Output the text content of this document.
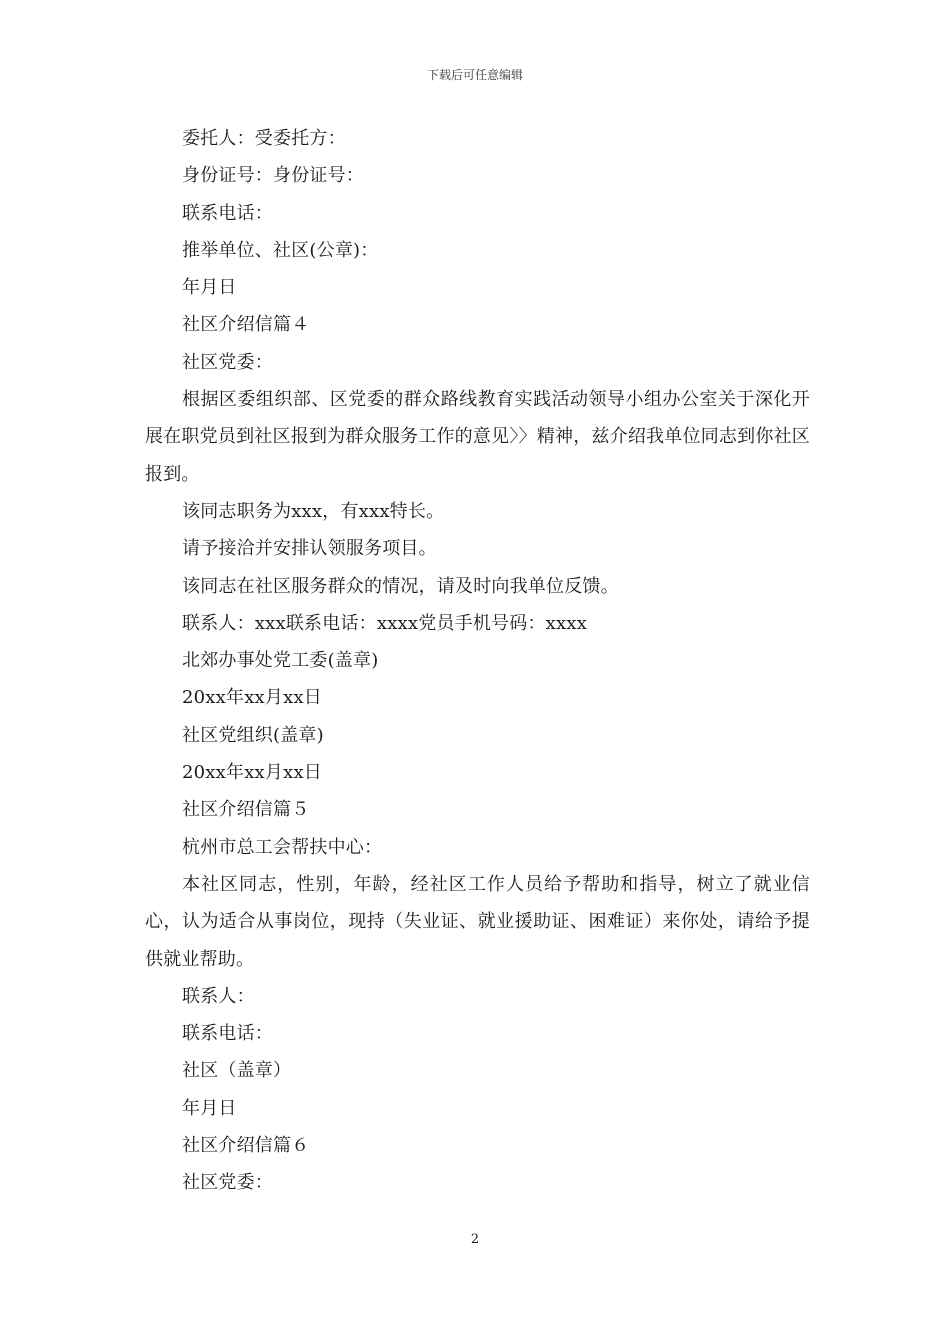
下载后可任意编辑

委托人：受委托方：

身份证号：身份证号：

联系电话：

推举单位、社区(公章)：

年月日

社区介绍信篇４

社区党委：

根据区委组织部、区党委的群众路线教育实践活动领导小组办公室关于深化开展在职党员到社区报到为群众服务工作的意见〉〉精神，兹介绍我单位同志到你社区报到。

该同志职务为xxx，有xxx特长。

请予接洽并安排认领服务项目。

该同志在社区服务群众的情况，请及时向我单位反馈。

联系人：xxx联系电话：xxxx党员手机号码：xxxx

北郊办事处党工委(盖章)

20xx年xx月xx日

社区党组织(盖章)

20xx年xx月xx日

社区介绍信篇５

杭州市总工会帮扶中心：

本社区同志，性别，年龄，经社区工作人员给予帮助和指导，树立了就业信心，认为适合从事岗位，现持（失业证、就业援助证、困难证）来你处，请给予提供就业帮助。

联系人：

联系电话：

社区（盖章）

年月日

社区介绍信篇６

社区党委：

2
